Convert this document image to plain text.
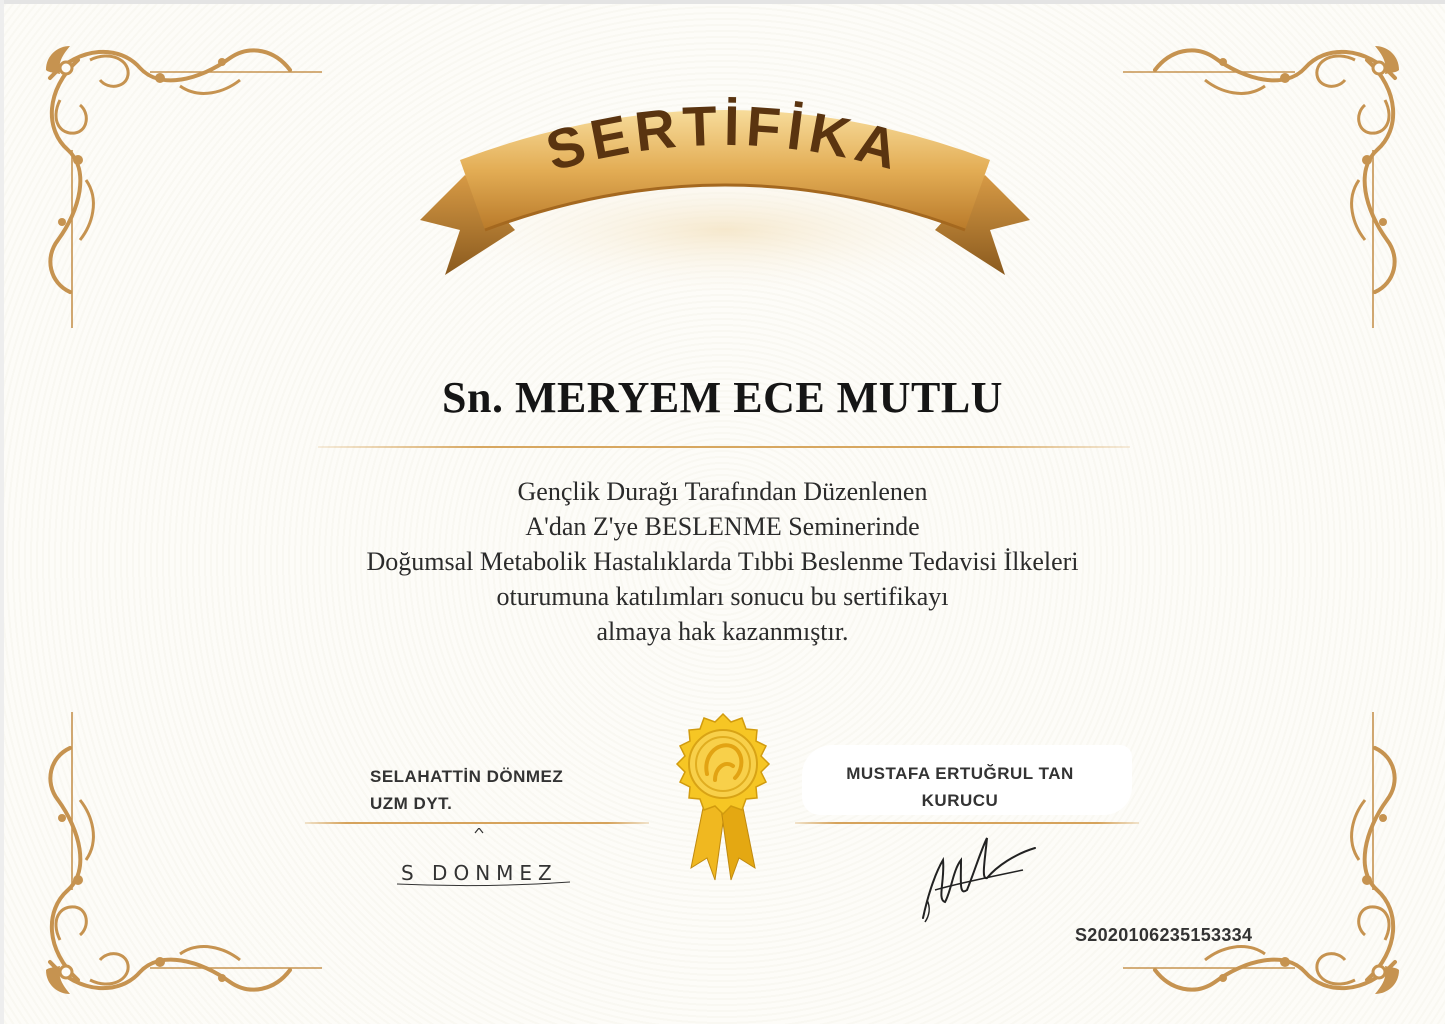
SERTİFİKA
Sn. MERYEM ECE MUTLU
Gençlik Durağı Tarafından Düzenlenen
A'dan Z'ye BESLENME Seminerinde
Doğumsal Metabolik Hastalıklarda Tıbbi Beslenme Tedavisi İlkeleri
oturumuna katılımları sonucu bu sertifikayı
almaya hak kazanmıştır.
SELAHATTİN DÖNMEZ
UZM DYT.
S DONMEZ
MUSTAFA ERTUĞRUL TAN
KURUCU
S2020106235153334
